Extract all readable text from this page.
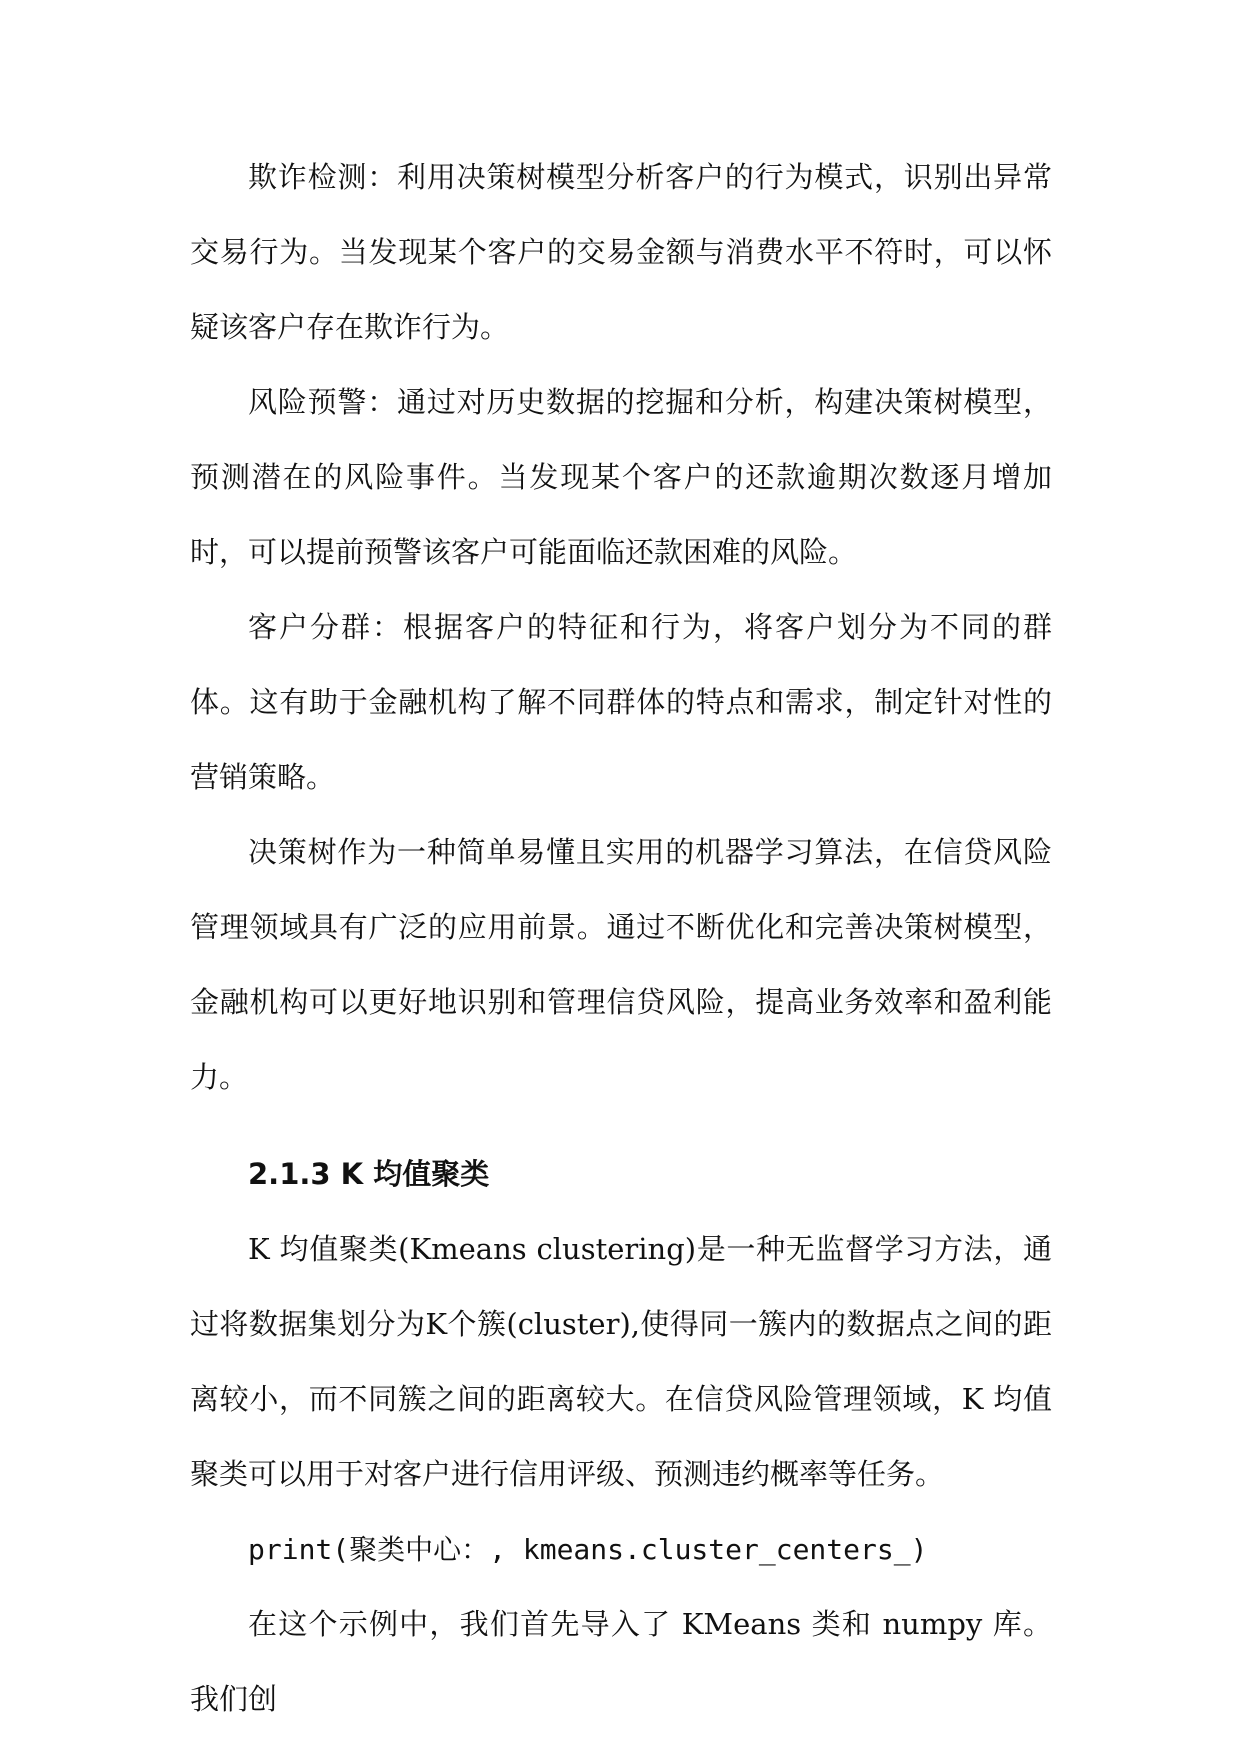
欺诈检测：利用决策树模型分析客户的行为模式，识别出异常交易行为。当发现某个客户的交易金额与消费水平不符时，可以怀疑该客户存在欺诈行为。

风险预警：通过对历史数据的挖掘和分析，构建决策树模型，预测潜在的风险事件。当发现某个客户的还款逾期次数逐月增加时，可以提前预警该客户可能面临还款困难的风险。

客户分群：根据客户的特征和行为，将客户划分为不同的群体。这有助于金融机构了解不同群体的特点和需求，制定针对性的营销策略。

决策树作为一种简单易懂且实用的机器学习算法，在信贷风险管理领域具有广泛的应用前景。通过不断优化和完善决策树模型，金融机构可以更好地识别和管理信贷风险，提高业务效率和盈利能力。

2.1.3 K 均值聚类

K 均值聚类(Kmeans clustering)是一种无监督学习方法，通过将数据集划分为K个簇(cluster),使得同一簇内的数据点之间的距离较小，而不同簇之间的距离较大。在信贷风险管理领域，K 均值聚类可以用于对客户进行信用评级、预测违约概率等任务。

print(聚类中心：, kmeans.cluster_centers_)

在这个示例中，我们首先导入了 KMeans 类和 numpy 库。我们创
